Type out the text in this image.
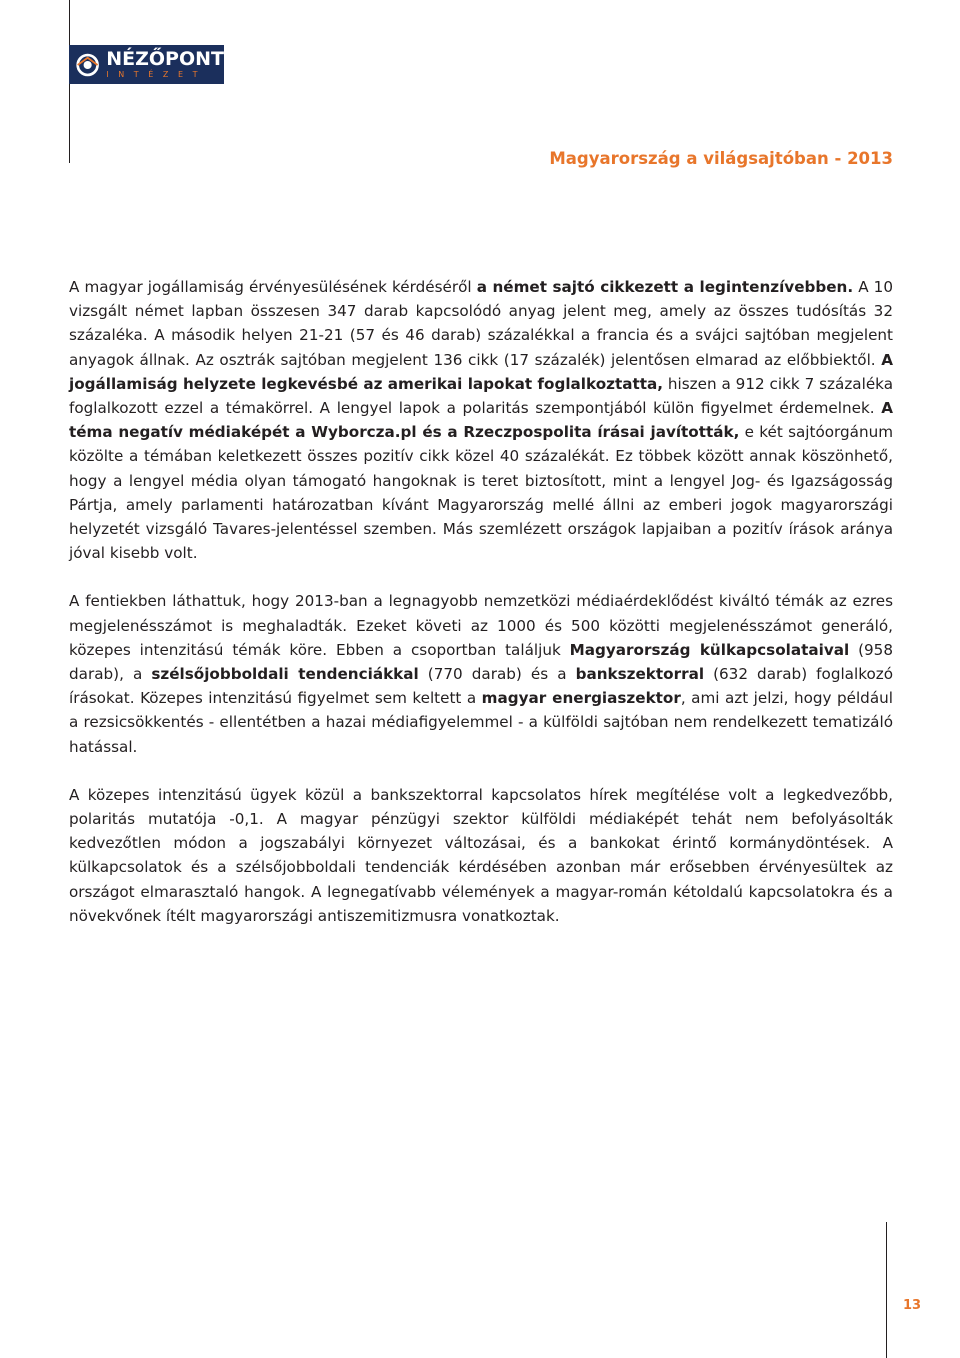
NÉZŐPONT
INTÉZET
Magyarország a világsajtóban - 2013

A magyar jogállamiság érvényesülésének kérdéséről a német sajtó cikkezett a legintenzívebben. A 10 vizsgált német lapban összesen 347 darab kapcsolódó anyag jelent meg, amely az összes tudósítás 32 százaléka. A második helyen 21-21 (57 és 46 darab) százalékkal a francia és a svájci sajtóban megjelent anyagok állnak. Az osztrák sajtóban megjelent 136 cikk (17 százalék) jelentősen elmarad az előbbiektől. A jogállamiság helyzete legkevésbé az amerikai lapokat foglalkoztatta, hiszen a 912 cikk 7 százaléka foglalkozott ezzel a témakörrel. A lengyel lapok a polaritás szempontjából külön figyelmet érdemelnek. A téma negatív médiaképét a Wyborcza.pl és a Rzeczpospolita írásai javították, e két sajtóorgánum közölte a témában keletkezett összes pozitív cikk közel 40 százalékát. Ez többek között annak köszönhető, hogy a lengyel média olyan támogató hangoknak is teret biztosított, mint a lengyel Jog- és Igazságosság Pártja, amely parlamenti határozatban kívánt Magyarország mellé állni az emberi jogok magyarországi helyzetét vizsgáló Tavares-jelentéssel szemben. Más szemlézett országok lapjaiban a pozitív írások aránya jóval kisebb volt.

A fentiekben láthattuk, hogy 2013-ban a legnagyobb nemzetközi médiaérdeklődést kiváltó témák az ezres megjelenésszámot is meghaladták. Ezeket követi az 1000 és 500 közötti megjelenésszámot generáló, közepes intenzitású témák köre. Ebben a csoportban találjuk Magyarország külkapcsolataival (958 darab), a szélsőjobboldali tendenciákkal (770 darab) és a bankszektorral (632 darab) foglalkozó írásokat. Közepes intenzitású figyelmet sem keltett a magyar energiaszektor, ami azt jelzi, hogy például a rezsicsökkentés - ellentétben a hazai médiafigyelemmel - a külföldi sajtóban nem rendelkezett tematizáló hatással.

A közepes intenzitású ügyek közül a bankszektorral kapcsolatos hírek megítélése volt a legkedvezőbb, polaritás mutatója -0,1. A magyar pénzügyi szektor külföldi médiaképét tehát nem befolyásolták kedvezőtlen módon a jogszabályi környezet változásai, és a bankokat érintő kormánydöntések. A külkapcsolatok és a szélsőjobboldali tendenciák kérdésében azonban már erősebben érvényesültek az országot elmarasztaló hangok. A legnegatívabb vélemények a magyar-román kétoldalú kapcsolatokra és a növekvőnek ítélt magyarországi antiszemitizmusra vonatkoztak.

13
